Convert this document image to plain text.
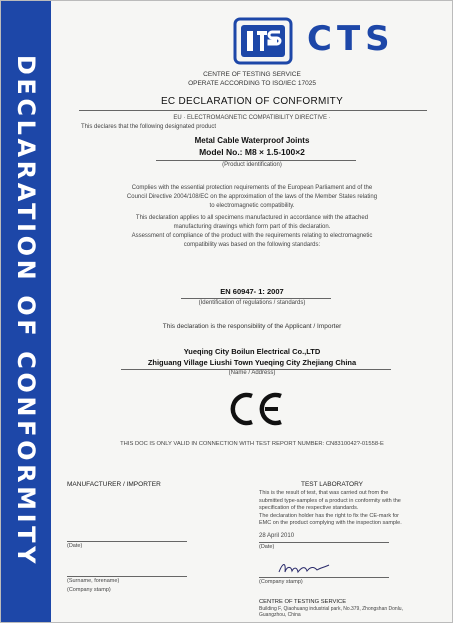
DECLARATION OF CONFORMITY
CTS
CENTRE OF TESTING SERVICE
OPERATE ACCORDING TO ISO/IEC 17025
EC DECLARATION OF CONFORMITY
EU · ELECTROMAGNETIC COMPATIBILITY DIRECTIVE ·
This declares that the following designated product
Metal Cable Waterproof Joints
Model No.: M8 × 1.5-100×2
(Product identification)
Complies with the essential protection requirements of the European Parliament and of the
Council Directive 2004/108/EC on the approximation of the laws of the Member States relating
to electromagnetic compatibility.
This declaration applies to all specimens manufactured in accordance with the attached
manufacturing drawings which form part of this declaration.
Assessment of compliance of the product with the requirements relating to electromagnetic
compatibility was based on the following standards:
EN 60947- 1: 2007
(Identification of regulations / standards)
This declaration is the responsibility of the Applicant / Importer
Yueqing City Boilun Electrical Co.,LTD
Zhiguang Village Liushi Town Yueqing City Zhejiang China
(Name / Address)
THIS DOC IS ONLY VALID IN CONNECTION WITH TEST REPORT NUMBER: CN8310042?-01558-E
MANUFACTURER / IMPORTER
(Date)
(Surname, forename)
(Company stamp)
TEST LABORATORY
This is the result of test, that was carried out from the
submitted type-samples of a product in conformity with the
specification of the respective standards.
The declaration holder has the right to fix the CE-mark for
EMC on the product complying with the inspection sample.
28 April 2010
(Date)
(Company stamp)
CENTRE OF TESTING SERVICE
Building F, Qiaohuang industrial park, No.379, Zhongshan Donlu,
Guangzhou, China
